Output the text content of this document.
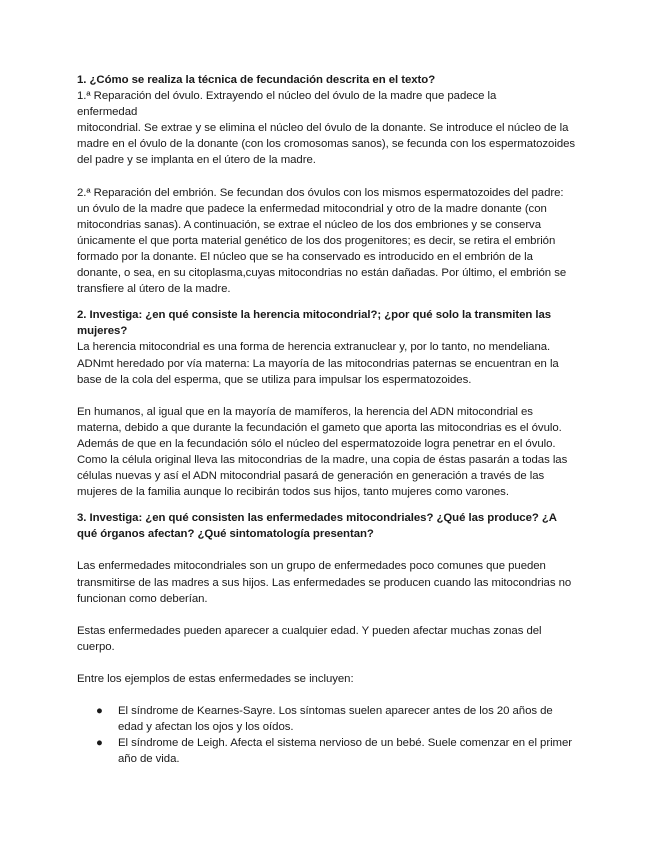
1. ¿Cómo se realiza la técnica de fecundación descrita en el texto?

1.ª Reparación del óvulo. Extrayendo el núcleo del óvulo de la madre que padece la

enfermedad

mitocondrial. Se extrae y se elimina el núcleo del óvulo de la donante. Se introduce el núcleo de la madre en el óvulo de la donante (con los cromosomas sanos), se fecunda con los espermatozoides del padre y se implanta en el útero de la madre.

2.ª Reparación del embrión. Se fecundan dos óvulos con los mismos espermatozoides del padre: un óvulo de la madre que padece la enfermedad mitocondrial y otro de la madre donante (con mitocondrias sanas). A continuación, se extrae el núcleo de los dos embriones y se conserva únicamente el que porta material genético de los dos progenitores; es decir, se retira el embrión formado por la donante. El núcleo que se ha conservado es introducido en el embrión de la donante, o sea, en su citoplasma,cuyas mitocondrias no están dañadas. Por último, el embrión se transfiere al útero de la madre.

2. Investiga: ¿en qué consiste la herencia mitocondrial?; ¿por qué solo la transmiten las mujeres?

La herencia mitocondrial es una forma de herencia extranuclear y, por lo tanto, no mendeliana. ADNmt heredado por vía materna: La mayoría de las mitocondrias paternas se encuentran en la base de la cola del esperma, que se utiliza para impulsar los espermatozoides.

En humanos, al igual que en la mayoría de mamíferos, la herencia del ADN mitocondrial es materna, debido a que durante la fecundación el gameto que aporta las mitocondrias es el óvulo. Además de que en la fecundación sólo el núcleo del espermatozoide logra penetrar en el óvulo. Como la célula original lleva las mitocondrias de la madre, una copia de éstas pasarán a todas las células nuevas y así el ADN mitocondrial pasará de generación en generación a través de las mujeres de la familia aunque lo recibirán todos sus hijos, tanto mujeres como varones.

3. Investiga: ¿en qué consisten las enfermedades mitocondriales? ¿Qué las produce? ¿A qué órganos afectan? ¿Qué sintomatología presentan?

Las enfermedades mitocondriales son un grupo de enfermedades poco comunes que pueden transmitirse de las madres a sus hijos. Las enfermedades se producen cuando las mitocondrias no funcionan como deberían.

Estas enfermedades pueden aparecer a cualquier edad. Y pueden afectar muchas zonas del cuerpo.

Entre los ejemplos de estas enfermedades se incluyen:

● El síndrome de Kearnes-Sayre. Los síntomas suelen aparecer antes de los 20 años de edad y afectan los ojos y los oídos.
● El síndrome de Leigh. Afecta el sistema nervioso de un bebé. Suele comenzar en el primer año de vida.
